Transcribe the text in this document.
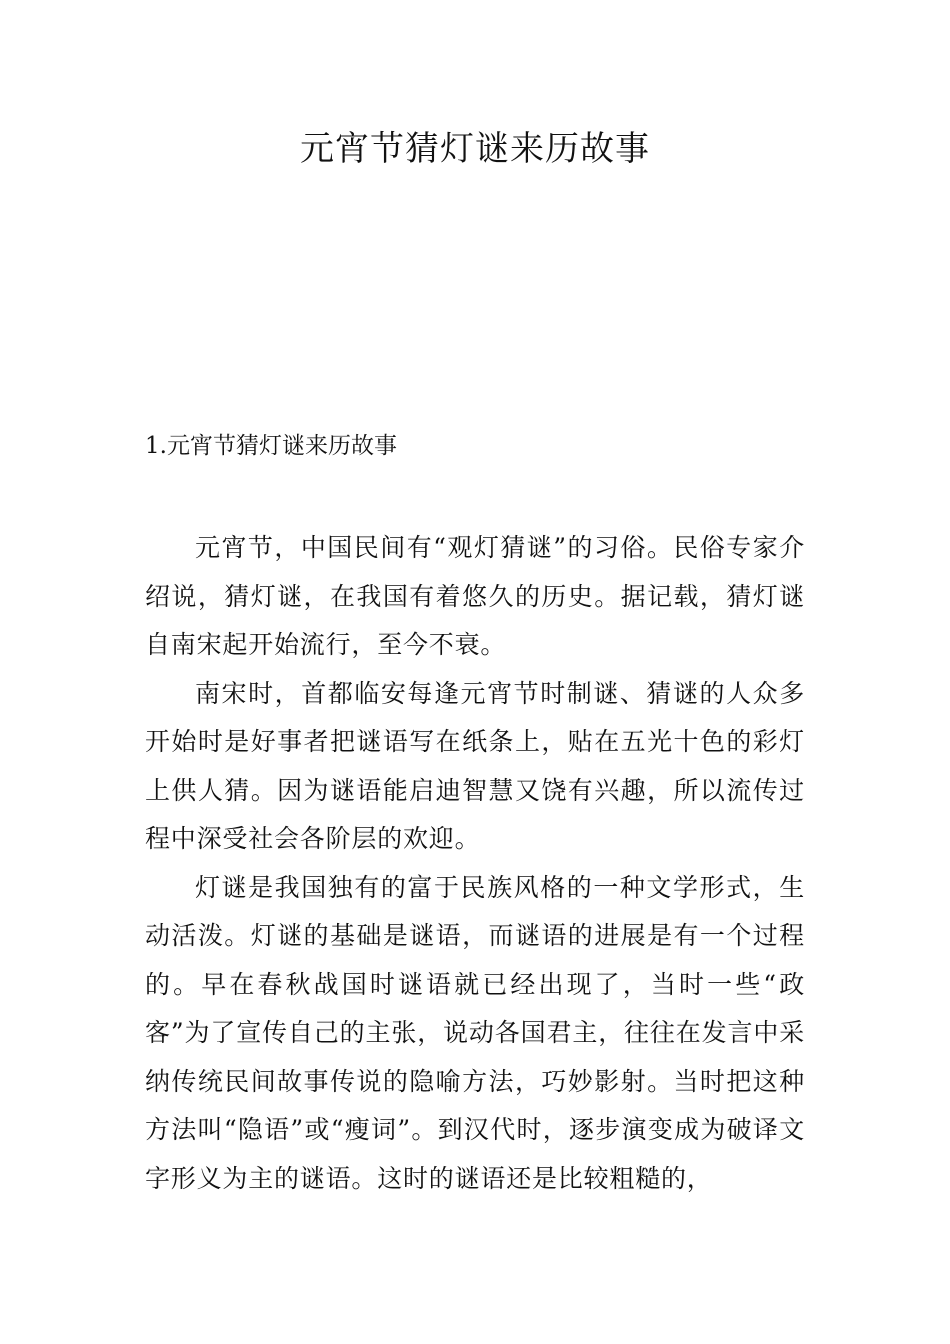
元宵节猜灯谜来历故事
1.元宵节猜灯谜来历故事

元宵节，中国民间有“观灯猜谜”的习俗。民俗专家介绍说，猜灯谜，在我国有着悠久的历史。据记载，猜灯谜自南宋起开始流行，至今不衰。

南宋时，首都临安每逢元宵节时制谜、猜谜的人众多开始时是好事者把谜语写在纸条上，贴在五光十色的彩灯上供人猜。因为谜语能启迪智慧又饶有兴趣，所以流传过程中深受社会各阶层的欢迎。

灯谜是我国独有的富于民族风格的一种文学形式，生动活泼。灯谜的基础是谜语，而谜语的进展是有一个过程的。早在春秋战国时谜语就已经出现了，当时一些“政客”为了宣传自己的主张，说动各国君主，往往在发言中采纳传统民间故事传说的隐喻方法，巧妙影射。当时把这种方法叫“隐语”或“瘦词”。到汉代时，逐步演变成为破译文字形义为主的谜语。这时的谜语还是比较粗糙的，
